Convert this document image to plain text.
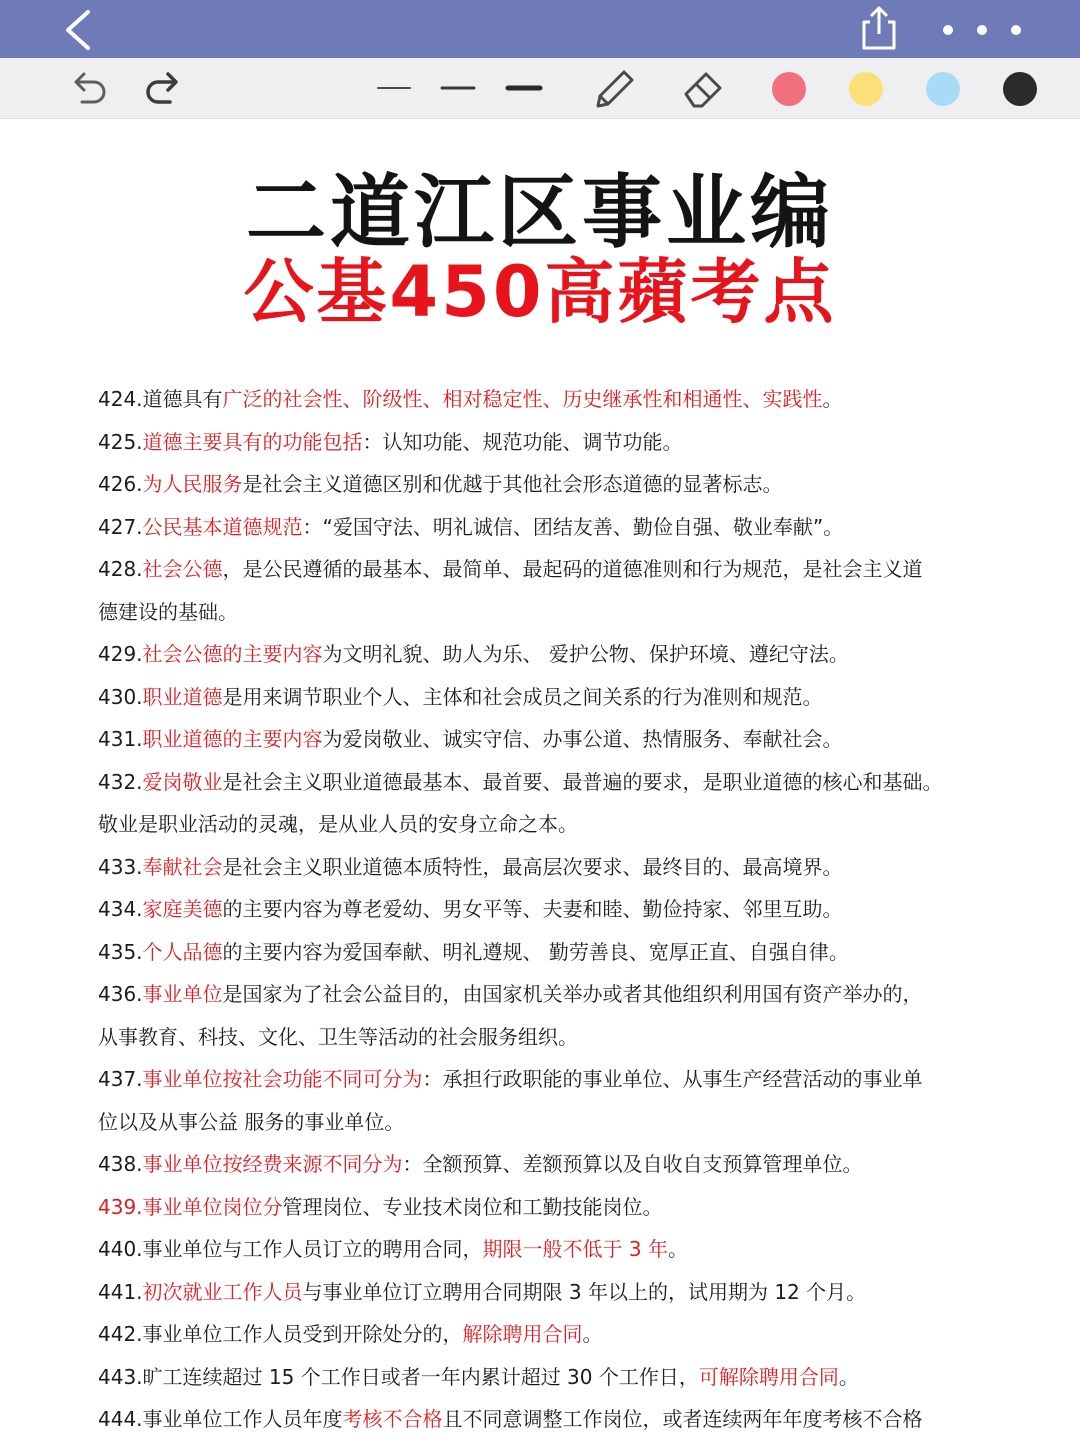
二道江区事业编
公基450高蘋考点
424.道德具有广泛的社会性、阶级性、相对稳定性、历史继承性和相通性、实践性。
425.道德主要具有的功能包括：认知功能、规范功能、调节功能。
426.为人民服务是社会主义道德区别和优越于其他社会形态道德的显著标志。
427.公民基本道德规范：“爱国守法、明礼诚信、团结友善、勤俭自强、敬业奉献”。
428.社会公德，是公民遵循的最基本、最简单、最起码的道德准则和行为规范，是社会主义道
德建设的基础。
429.社会公德的主要内容为文明礼貌、助人为乐、 爱护公物、保护环境、遵纪守法。
430.职业道德是用来调节职业个人、主体和社会成员之间关系的行为准则和规范。
431.职业道德的主要内容为爱岗敬业、诚实守信、办事公道、热情服务、奉献社会。
432.爱岗敬业是社会主义职业道德最基本、最首要、最普遍的要求，是职业道德的核心和基础。
敬业是职业活动的灵魂，是从业人员的安身立命之本。
433.奉献社会是社会主义职业道德本质特性，最高层次要求、最终目的、最高境界。
434.家庭美德的主要内容为尊老爱幼、男女平等、夫妻和睦、勤俭持家、邻里互助。
435.个人品德的主要内容为爱国奉献、明礼遵规、 勤劳善良、宽厚正直、自强自律。
436.事业单位是国家为了社会公益目的，由国家机关举办或者其他组织利用国有资产举办的，
从事教育、科技、文化、卫生等活动的社会服务组织。
437.事业单位按社会功能不同可分为：承担行政职能的事业单位、从事生产经营活动的事业单
位以及从事公益 服务的事业单位。
438.事业单位按经费来源不同分为：全额预算、差额预算以及自收自支预算管理单位。
439.事业单位岗位分管理岗位、专业技术岗位和工勤技能岗位。
440.事业单位与工作人员订立的聘用合同，期限一般不低于 3 年。
441.初次就业工作人员与事业单位订立聘用合同期限 3 年以上的，试用期为 12 个月。
442.事业单位工作人员受到开除处分的，解除聘用合同。
443.旷工连续超过 15 个工作日或者一年内累计超过 30 个工作日，可解除聘用合同。
444.事业单位工作人员年度考核不合格且不同意调整工作岗位，或者连续两年年度考核不合格
